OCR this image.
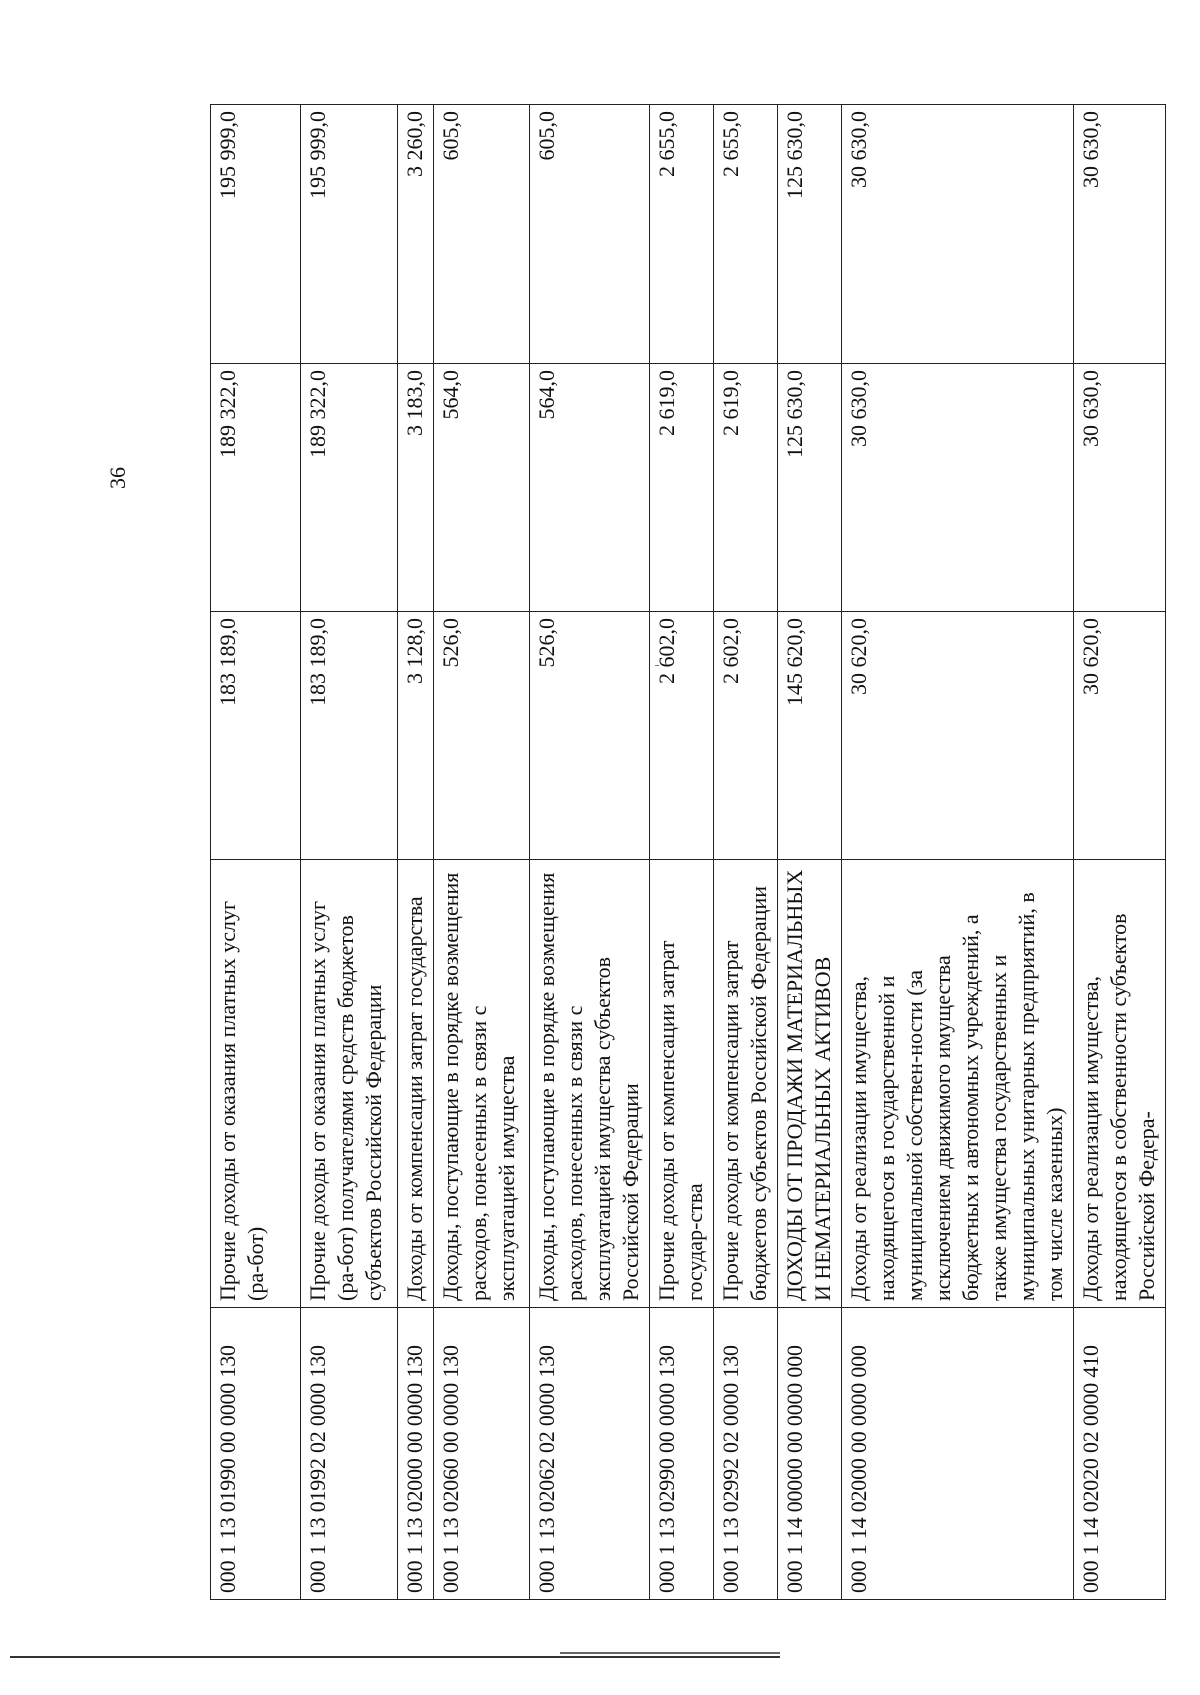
36
000 1 13 01990 00 0000 130	Прочие доходы от оказания платных услуг (ра-бот)	183 189,0	189 322,0	195 999,0
000 1 13 01992 02 0000 130	Прочие доходы от оказания платных услуг (ра-бот) получателями средств бюджетов субъектов Российской Федерации	183 189,0	189 322,0	195 999,0
000 1 13 02000 00 0000 130	Доходы от компенсации затрат государства	3 128,0	3 183,0	3 260,0
000 1 13 02060 00 0000 130	Доходы, поступающие в порядке возмещения расходов, понесенных в связи с эксплуатацией имущества	526,0	564,0	605,0
000 1 13 02062 02 0000 130	Доходы, поступающие в порядке возмещения расходов, понесенных в связи с эксплуатацией имущества субъектов Российской Федерации	526,0	564,0	605,0
000 1 13 02990 00 0000 130	Прочие доходы от компенсации затрат государ-ства	2 602,0	2 619,0	2 655,0
000 1 13 02992 02 0000 130	Прочие доходы от компенсации затрат бюджетов субъектов Российской Федерации	2 602,0	2 619,0	2 655,0
000 1 14 00000 00 0000 000	ДОХОДЫ ОТ ПРОДАЖИ МАТЕРИАЛЬНЫХ И НЕМАТЕРИАЛЬНЫХ АКТИВОВ	145 620,0	125 630,0	125 630,0
000 1 14 02000 00 0000 000	Доходы от реализации имущества, находящегося в государственной и муниципальной собствен-ности (за исключением движимого имущества бюджетных и автономных учреждений, а также имущества государственных и муниципальных унитарных предприятий, в том числе казенных)	30 620,0	30 630,0	30 630,0
000 1 14 02020 02 0000 410	Доходы от реализации имущества, находящегося в собственности субъектов Российской Федера-	30 620,0	30 630,0	30 630,0
